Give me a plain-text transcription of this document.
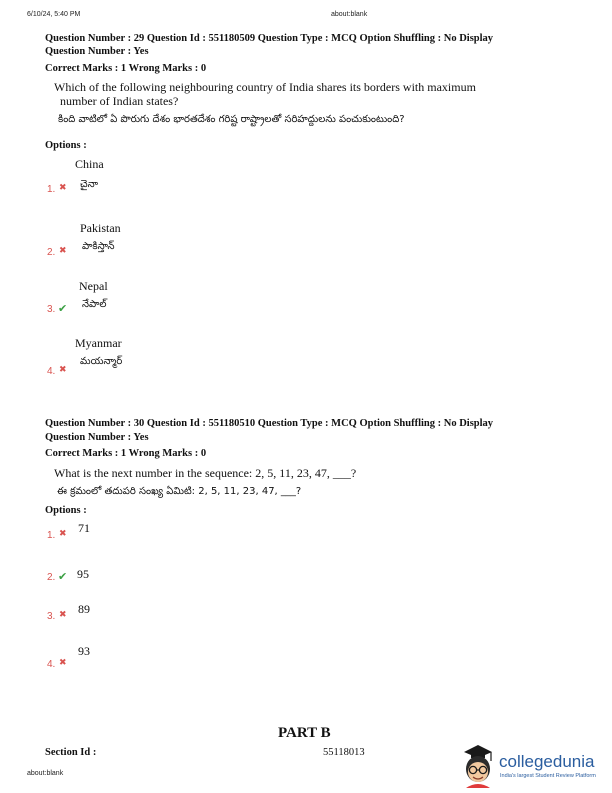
6/10/24, 5:40 PM	about:blank
Question Number : 29 Question Id : 551180509 Question Type : MCQ Option Shuffling : No Display
Question Number : Yes
Correct Marks : 1 Wrong Marks : 0
Which of the following neighbouring country of India shares its borders with maximum
number of Indian states?
కింది వాటిలో ఏ పొరుగు దేశం భారతదేశం గరిష్ట రాష్ట్రాలతో సరిహద్దులను పంచుకుంటుంది?
Options :
China
1. ✖ చైనా
Pakistan
2. ✖ పాకిస్తాన్
Nepal
3. ✔ నేపాల్
Myanmar
4. ✖
మయన్మార్
Question Number : 30 Question Id : 551180510 Question Type : MCQ Option Shuffling : No Display
Question Number : Yes
Correct Marks : 1 Wrong Marks : 0
What is the next number in the sequence: 2, 5, 11, 23, 47, ___?
ఈ క్రమంలో తదుపరి సంఖ్య ఏమిటి: 2, 5, 11, 23, 47, ___?
Options :
1. ✖ 71
2. ✔ 95
3. ✖ 89
4. ✖
93
PART B
Section Id :	55118013
about:blank
collegedunia
India's largest Student Review Platform
